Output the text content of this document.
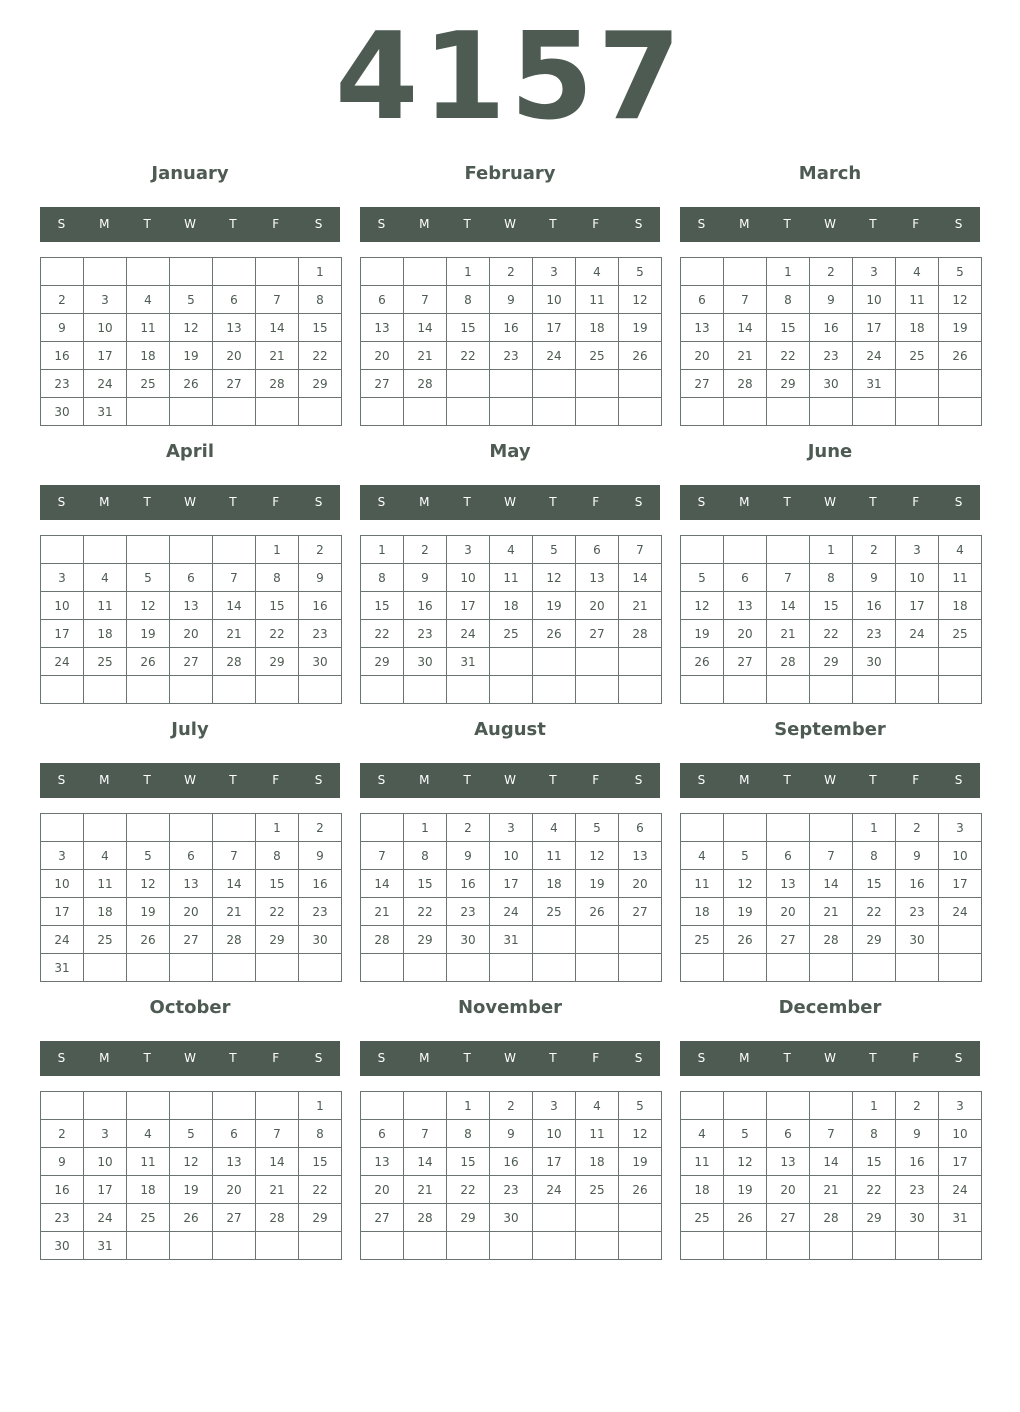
4157
January
S	M	T	W	T	F	S
						1
2	3	4	5	6	7	8
9	10	11	12	13	14	15
16	17	18	19	20	21	22
23	24	25	26	27	28	29
30	31					
February
S	M	T	W	T	F	S
		1	2	3	4	5
6	7	8	9	10	11	12
13	14	15	16	17	18	19
20	21	22	23	24	25	26
27	28					

March
S	M	T	W	T	F	S
		1	2	3	4	5
6	7	8	9	10	11	12
13	14	15	16	17	18	19
20	21	22	23	24	25	26
27	28	29	30	31		

April
S	M	T	W	T	F	S
					1	2
3	4	5	6	7	8	9
10	11	12	13	14	15	16
17	18	19	20	21	22	23
24	25	26	27	28	29	30

May
S	M	T	W	T	F	S
1	2	3	4	5	6	7
8	9	10	11	12	13	14
15	16	17	18	19	20	21
22	23	24	25	26	27	28
29	30	31				

June
S	M	T	W	T	F	S
			1	2	3	4
5	6	7	8	9	10	11
12	13	14	15	16	17	18
19	20	21	22	23	24	25
26	27	28	29	30		

July
S	M	T	W	T	F	S
					1	2
3	4	5	6	7	8	9
10	11	12	13	14	15	16
17	18	19	20	21	22	23
24	25	26	27	28	29	30
31						
August
S	M	T	W	T	F	S
	1	2	3	4	5	6
7	8	9	10	11	12	13
14	15	16	17	18	19	20
21	22	23	24	25	26	27
28	29	30	31			

September
S	M	T	W	T	F	S
				1	2	3
4	5	6	7	8	9	10
11	12	13	14	15	16	17
18	19	20	21	22	23	24
25	26	27	28	29	30	

October
S	M	T	W	T	F	S
						1
2	3	4	5	6	7	8
9	10	11	12	13	14	15
16	17	18	19	20	21	22
23	24	25	26	27	28	29
30	31					
November
S	M	T	W	T	F	S
		1	2	3	4	5
6	7	8	9	10	11	12
13	14	15	16	17	18	19
20	21	22	23	24	25	26
27	28	29	30			

December
S	M	T	W	T	F	S
				1	2	3
4	5	6	7	8	9	10
11	12	13	14	15	16	17
18	19	20	21	22	23	24
25	26	27	28	29	30	31
